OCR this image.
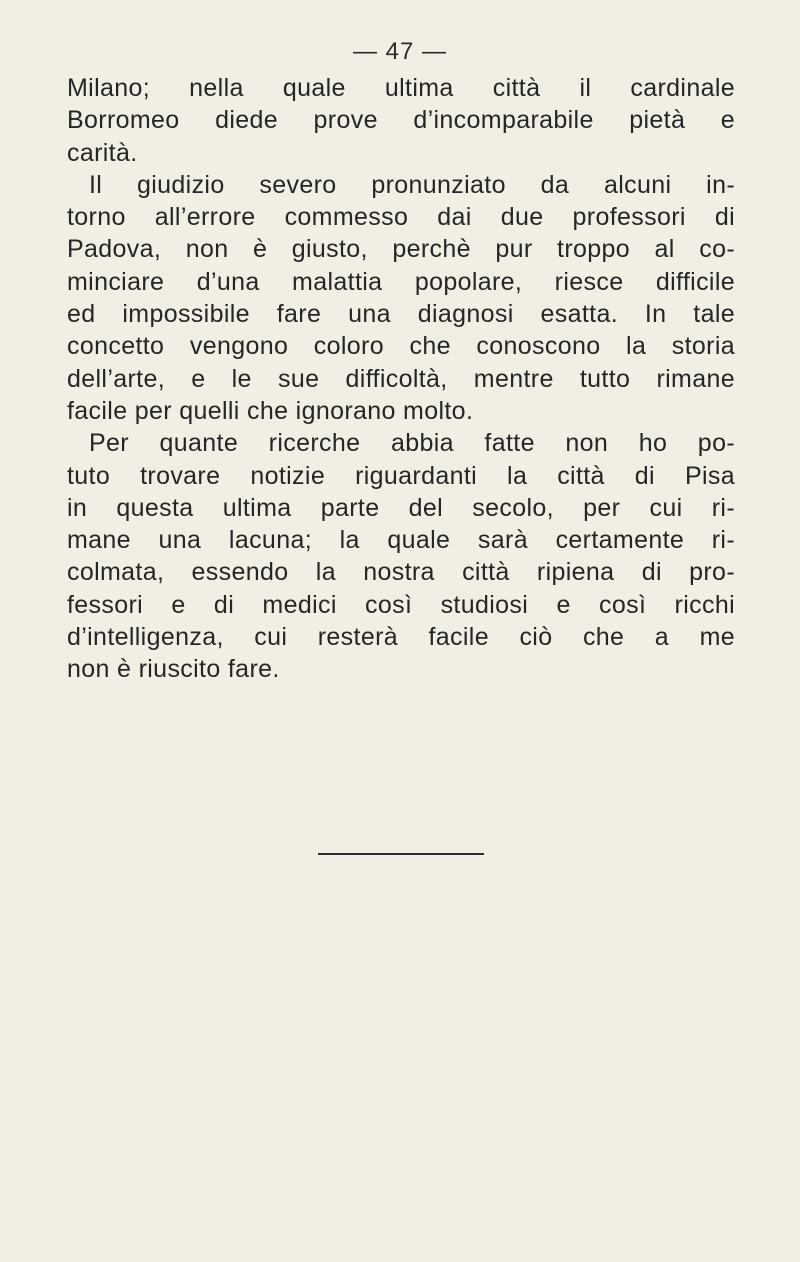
— 47 —
Milano; nella quale ultima città il cardinale
Borromeo diede prove d’incomparabile pietà e
carità.
Il giudizio severo pronunziato da alcuni in-
torno all’errore commesso dai due professori di
Padova, non è giusto, perchè pur troppo al co-
minciare d’una malattia popolare, riesce difficile
ed impossibile fare una diagnosi esatta. In tale
concetto vengono coloro che conoscono la storia
dell’arte, e le sue difficoltà, mentre tutto rimane
facile per quelli che ignorano molto.
Per quante ricerche abbia fatte non ho po-
tuto trovare notizie riguardanti la città di Pisa
in questa ultima parte del secolo, per cui ri-
mane una lacuna; la quale sarà certamente ri-
colmata, essendo la nostra città ripiena di pro-
fessori e di medici così studiosi e così ricchi
d’intelligenza, cui resterà facile ciò che a me
non è riuscito fare.
